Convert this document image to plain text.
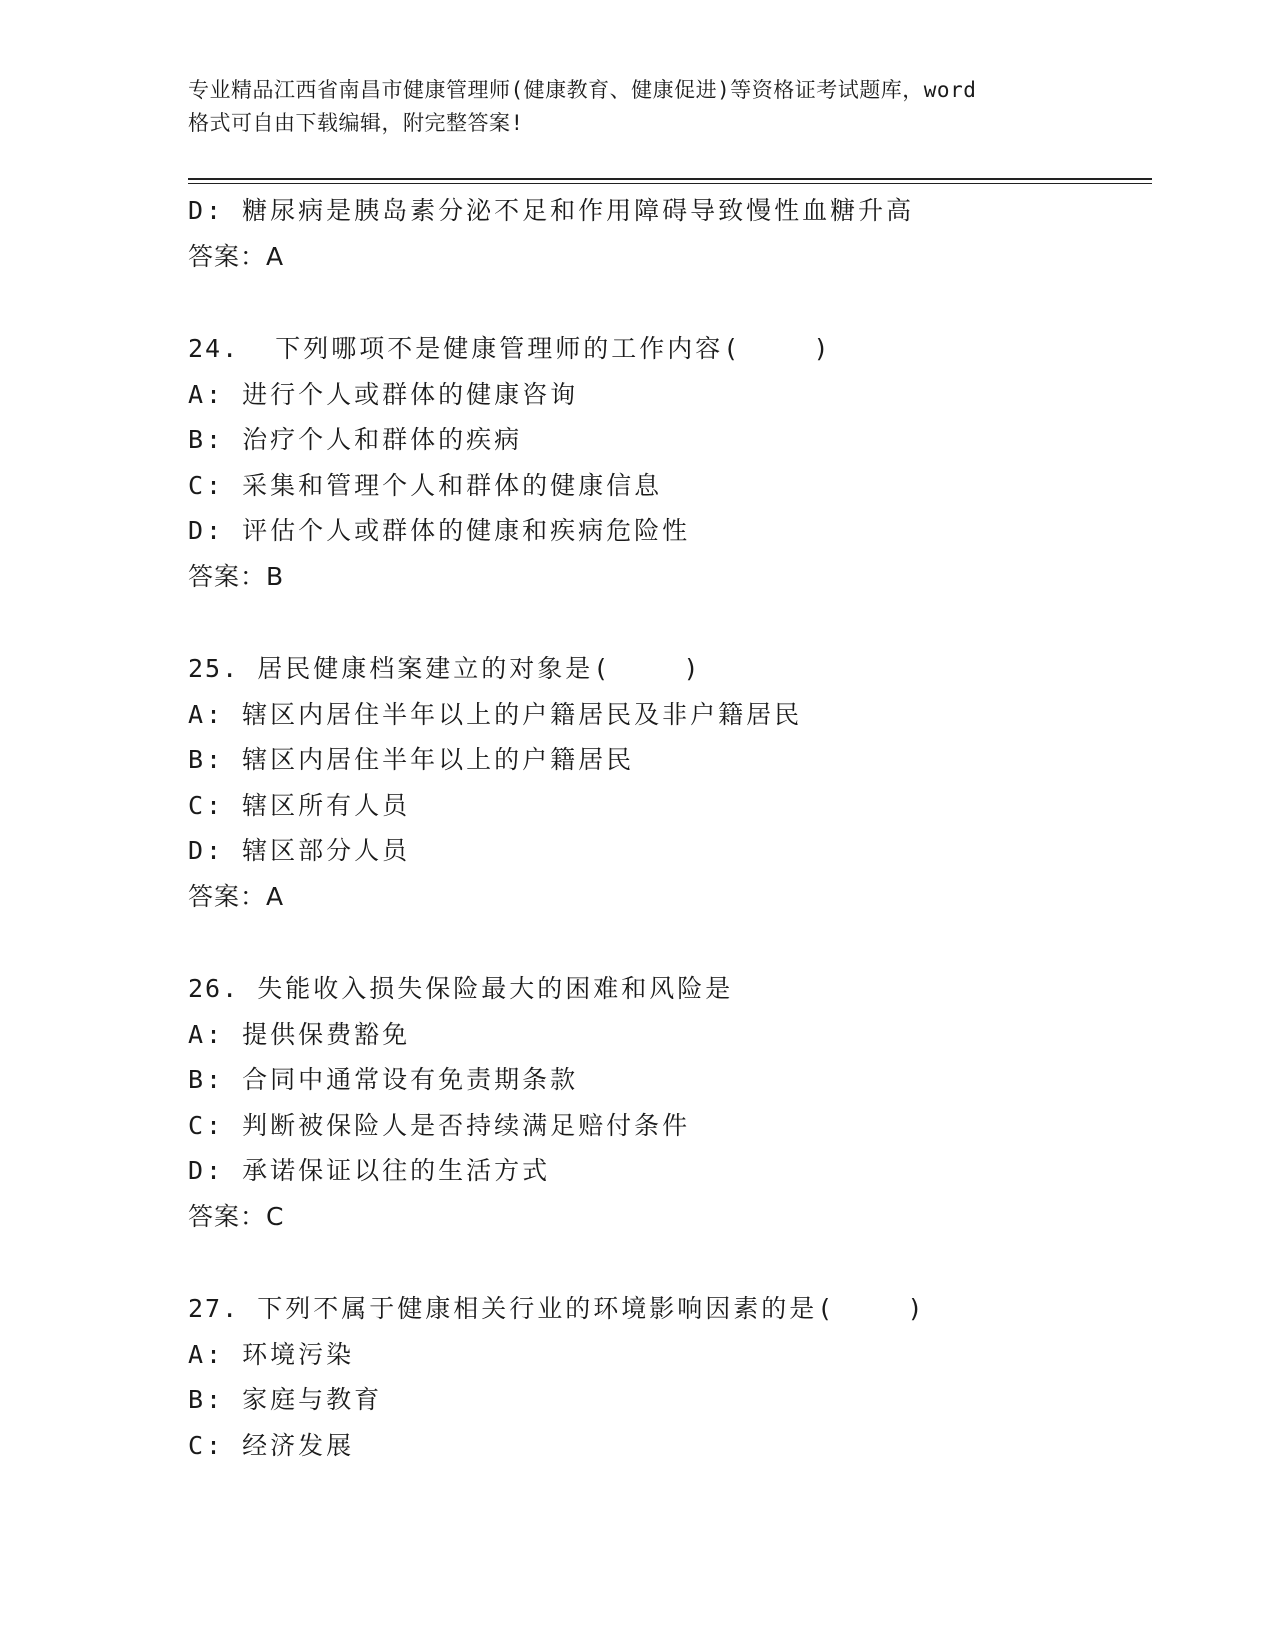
专业精品江西省南昌市健康管理师(健康教育、健康促进)等资格证考试题库，word
格式可自由下载编辑，附完整答案!
D: 糖尿病是胰岛素分泌不足和作用障碍导致慢性血糖升高
答案：A
24.  下列哪项不是健康管理师的工作内容(    )
A: 进行个人或群体的健康咨询
B: 治疗个人和群体的疾病
C: 采集和管理个人和群体的健康信息
D: 评估个人或群体的健康和疾病危险性
答案：B
25. 居民健康档案建立的对象是(    )
A: 辖区内居住半年以上的户籍居民及非户籍居民
B: 辖区内居住半年以上的户籍居民
C: 辖区所有人员
D: 辖区部分人员
答案：A
26. 失能收入损失保险最大的困难和风险是
A: 提供保费豁免
B: 合同中通常设有免责期条款
C: 判断被保险人是否持续满足赔付条件
D: 承诺保证以往的生活方式
答案：C
27. 下列不属于健康相关行业的环境影响因素的是(    )
A: 环境污染
B: 家庭与教育
C: 经济发展
